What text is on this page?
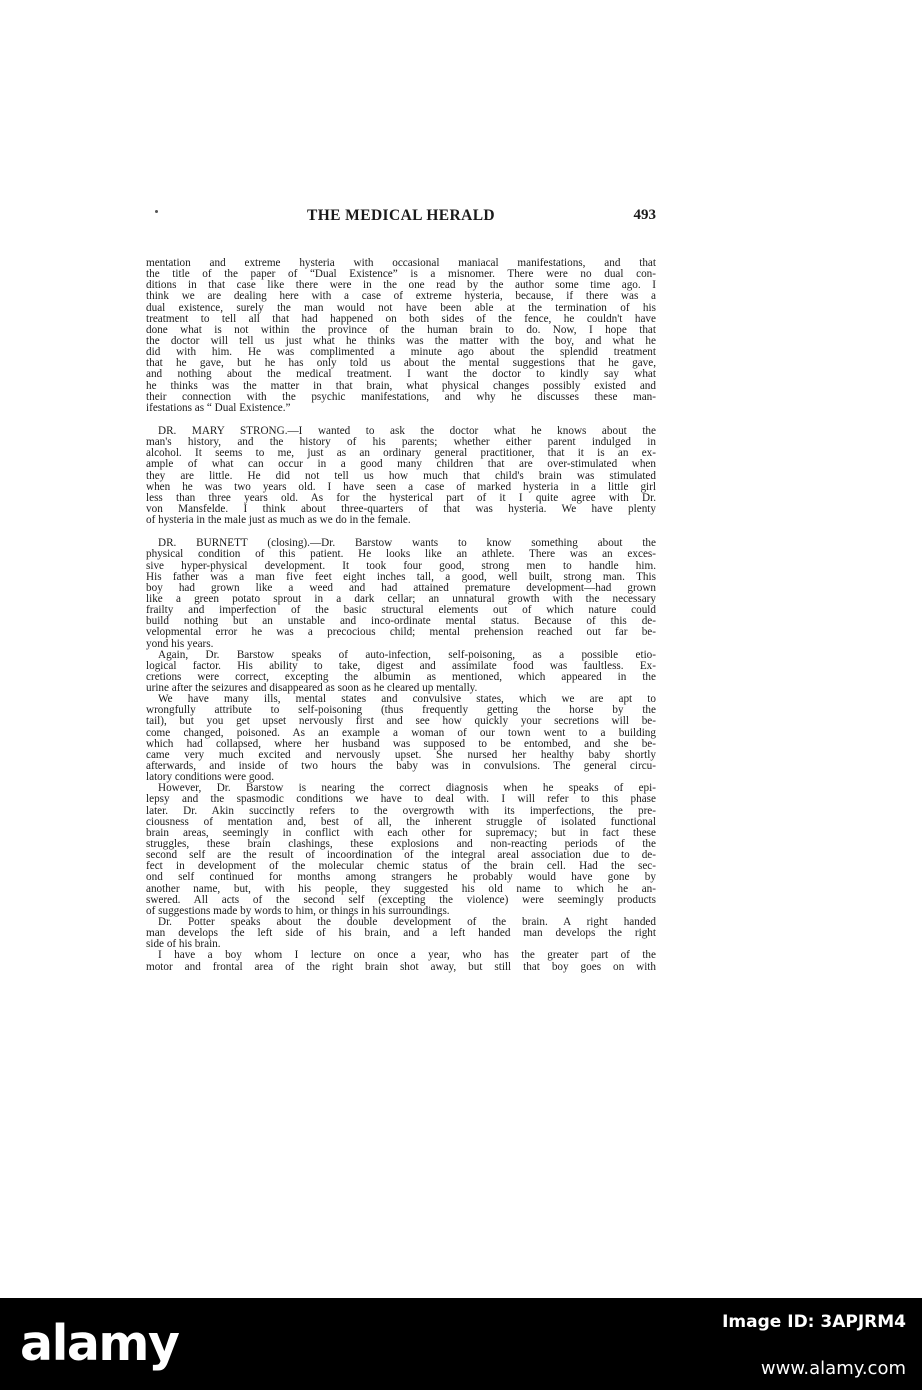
THE MEDICAL HERALD	493
mentation and extreme hysteria with occasional maniacal manifestations, and that
the title of the paper of “Dual Existence” is a misnomer. There were no dual con-
ditions in that case like there were in the one read by the author some time ago. I
think we are dealing here with a case of extreme hysteria, because, if there was a
dual existence, surely the man would not have been able at the termination of his
treatment to tell all that had happened on both sides of the fence, he couldn't have
done what is not within the province of the human brain to do. Now, I hope that
the doctor will tell us just what he thinks was the matter with the boy, and what he
did with him. He was complimented a minute ago about the splendid treatment
that he gave, but he has only told us about the mental suggestions that he gave,
and nothing about the medical treatment. I want the doctor to kindly say what
he thinks was the matter in that brain, what physical changes possibly existed and
their connection with the psychic manifestations, and why he discusses these man-
ifestations as “ Dual Existence.”
DR. MARY STRONG.—I wanted to ask the doctor what he knows about the
man's history, and the history of his parents; whether either parent indulged in
alcohol. It seems to me, just as an ordinary general practitioner, that it is an ex-
ample of what can occur in a good many children that are over-stimulated when
they are little. He did not tell us how much that child's brain was stimulated
when he was two years old. I have seen a case of marked hysteria in a little girl
less than three years old. As for the hysterical part of it I quite agree with Dr.
von Mansfelde. I think about three-quarters of that was hysteria. We have plenty
of hysteria in the male just as much as we do in the female.
DR. BURNETT (closing).—Dr. Barstow wants to know something about the
physical condition of this patient. He looks like an athlete. There was an exces-
sive hyper-physical development. It took four good, strong men to handle him.
His father was a man five feet eight inches tall, a good, well built, strong man. This
boy had grown like a weed and had attained premature development—had grown
like a green potato sprout in a dark cellar; an unnatural growth with the necessary
frailty and imperfection of the basic structural elements out of which nature could
build nothing but an unstable and inco-ordinate mental status. Because of this de-
velopmental error he was a precocious child; mental prehension reached out far be-
yond his years.
Again, Dr. Barstow speaks of auto-infection, self-poisoning, as a possible etio-
logical factor. His ability to take, digest and assimilate food was faultless. Ex-
cretions were correct, excepting the albumin as mentioned, which appeared in the
urine after the seizures and disappeared as soon as he cleared up mentally.
We have many ills, mental states and convulsive states, which we are apt to
wrongfully attribute to self-poisoning (thus frequently getting the horse by the
tail), but you get upset nervously first and see how quickly your secretions will be-
come changed, poisoned. As an example a woman of our town went to a building
which had collapsed, where her husband was supposed to be entombed, and she be-
came very much excited and nervously upset. She nursed her healthy baby shortly
afterwards, and inside of two hours the baby was in convulsions. The general circu-
latory conditions were good.
However, Dr. Barstow is nearing the correct diagnosis when he speaks of epi-
lepsy and the spasmodic conditions we have to deal with. I will refer to this phase
later. Dr. Akin succinctly refers to the overgrowth with its imperfections, the pre-
ciousness of mentation and, best of all, the inherent struggle of isolated functional
brain areas, seemingly in conflict with each other for supremacy; but in fact these
struggles, these brain clashings, these explosions and non-reacting periods of the
second self are the result of incoordination of the integral areal association due to de-
fect in development of the molecular chemic status of the brain cell. Had the sec-
ond self continued for months among strangers he probably would have gone by
another name, but, with his people, they suggested his old name to which he an-
swered. All acts of the second self (excepting the violence) were seemingly products
of suggestions made by words to him, or things in his surroundings.
Dr. Potter speaks about the double development of the brain. A right handed
man develops the left side of his brain, and a left handed man develops the right
side of his brain.
I have a boy whom I lecture on once a year, who has the greater part of the
motor and frontal area of the right brain shot away, but still that boy goes on with
alamy	Image ID: 3APJRM4
www.alamy.com
